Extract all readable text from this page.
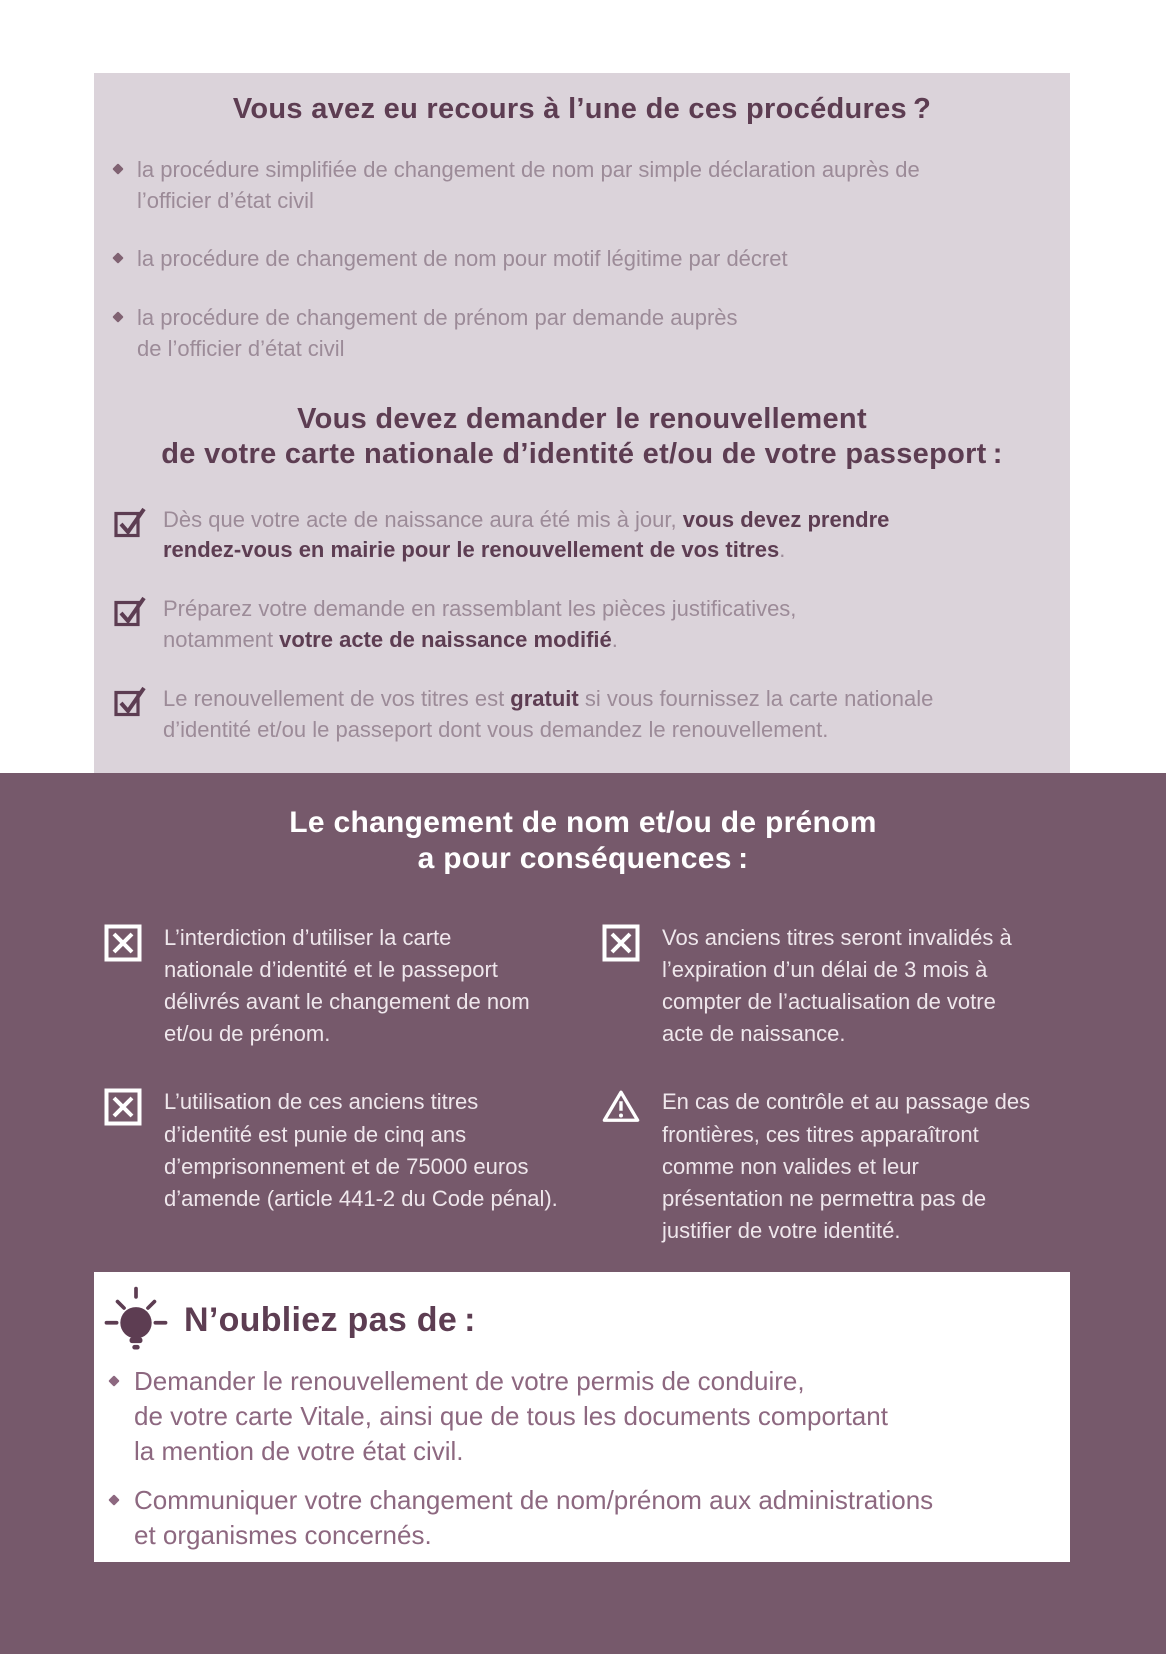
Vous avez eu recours à l’une de ces procédures ?
la procédure simplifiée de changement de nom par simple déclaration auprès de
l’officier d’état civil
la procédure de changement de nom pour motif légitime par décret
la procédure de changement de prénom par demande auprès
de l’officier d’état civil
Vous devez demander le renouvellement
de votre carte nationale d’identité et/ou de votre passeport :
Dès que votre acte de naissance aura été mis à jour, vous devez prendre
rendez-vous en mairie pour le renouvellement de vos titres.
Préparez votre demande en rassemblant les pièces justificatives,
notamment votre acte de naissance modifié.
Le renouvellement de vos titres est gratuit si vous fournissez la carte nationale
d’identité et/ou le passeport dont vous demandez le renouvellement.
Le changement de nom et/ou de prénom
a pour conséquences :
L’interdiction d’utiliser la carte
nationale d’identité et le passeport
délivrés avant le changement de nom
et/ou de prénom.
L’utilisation de ces anciens titres
d’identité est punie de cinq ans
d’emprisonnement et de 75000 euros
d’amende (article 441-2 du Code pénal).
Vos anciens titres seront invalidés à
l’expiration d’un délai de 3 mois à
compter de l’actualisation de votre
acte de naissance.
En cas de contrôle et au passage des
frontières, ces titres apparaîtront
comme non valides et leur
présentation ne permettra pas de
justifier de votre identité.
N’oubliez pas de :
Demander le renouvellement de votre permis de conduire,
de votre carte Vitale, ainsi que de tous les documents comportant
la mention de votre état civil.
Communiquer votre changement de nom/prénom aux administrations
et organismes concernés.
